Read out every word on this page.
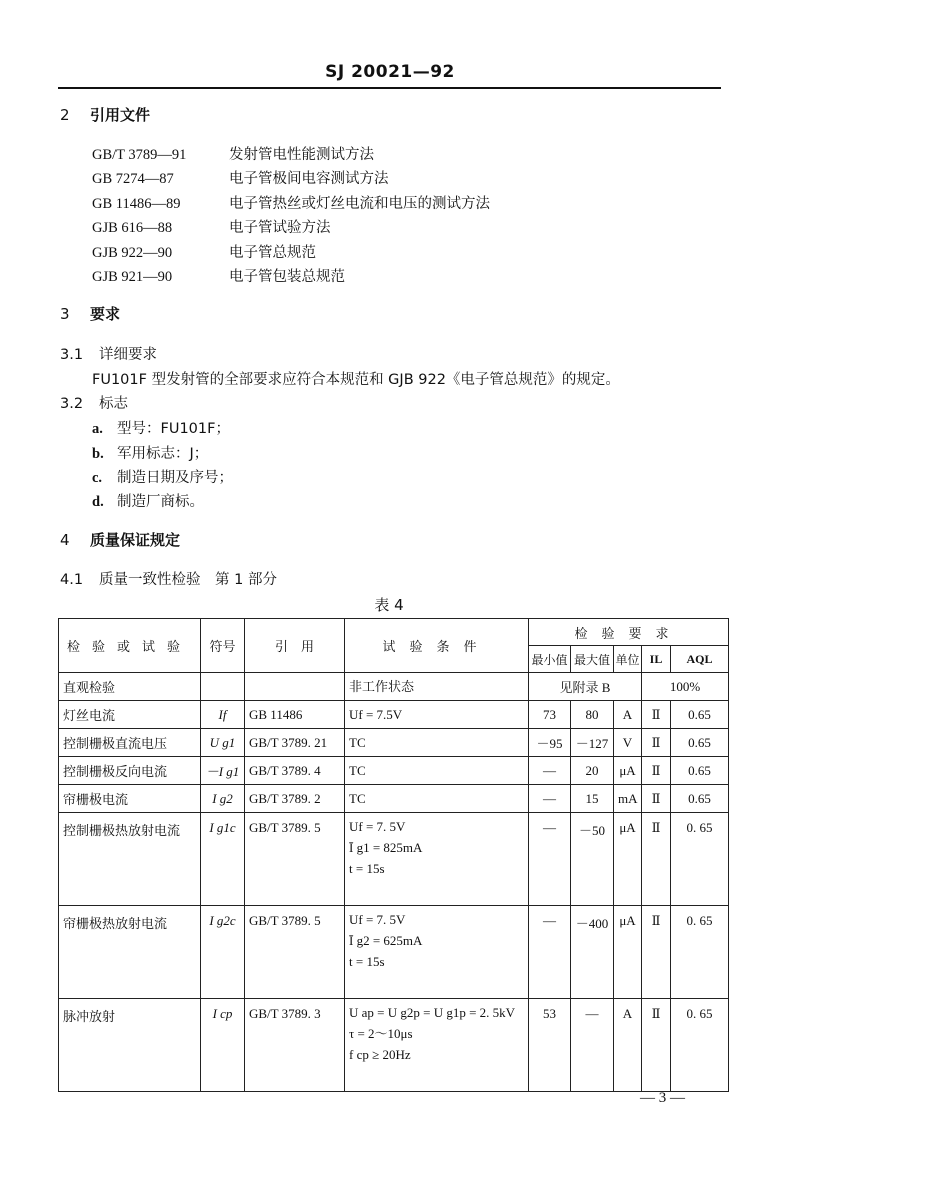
SJ 20021—92
2 引用文件
GB/T 3789—91	发射管电性能测试方法
GB 7274—87	电子管极间电容测试方法
GB 11486—89	电子管热丝或灯丝电流和电压的测试方法
GJB 616—88	电子管试验方法
GJB 922—90	电子管总规范
GJB 921—90	电子管包装总规范
3 要求
3.1 详细要求
FU101F 型发射管的全部要求应符合本规范和 GJB 922《电子管总规范》的规定。
3.2 标志
a. 型号：FU101F；
b. 军用标志：J；
c. 制造日期及序号；
d. 制造厂商标。
4 质量保证规定
4.1 质量一致性检验　第 1 部分
表 4
检验或试验	符号	引　用	试验条件	检验要求				
				最小值	最大值	单位	IL	AQL
直观检验			非工作状态	见附录 B			100%	
灯丝电流	If	GB 11486	Uf = 7.5V	73	80	A	Ⅱ	0.65
控制栅极直流电压	U g1	GB/T 3789. 21	TC	－95	－127	V	Ⅱ	0.65
控制栅极反向电流	－I g1	GB/T 3789. 4	TC	—	20	μA	Ⅱ	0.65
帘栅极电流	I g2	GB/T 3789. 2	TC	—	15	mA	Ⅱ	0.65
控制栅极热放射电流	I g1c	GB/T 3789. 5	Uf = 7. 5V
Ī g1 = 825mA
t = 15s	—	－50	μA	Ⅱ	0. 65
帘栅极热放射电流	I g2c	GB/T 3789. 5	Uf = 7. 5V
Ī g2 = 625mA
t = 15s	—	－400	μA	Ⅱ	0. 65
脉冲放射	I cp	GB/T 3789. 3	U ap = U g2p = U g1p = 2. 5kV
τ = 2～10μs
f cp ≥ 20Hz	53	—	A	Ⅱ	0. 65
— 3 —
